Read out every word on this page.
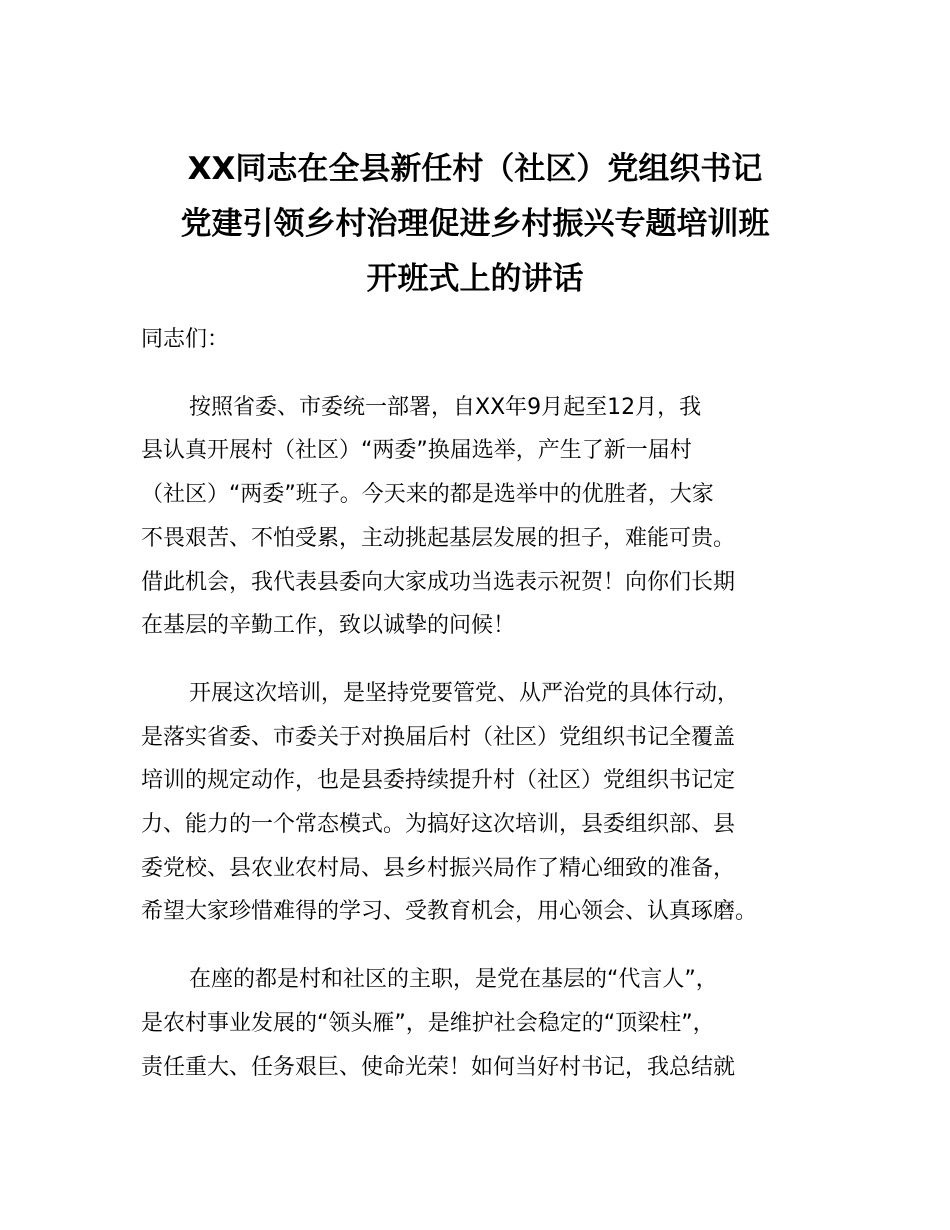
XX同志在全县新任村（社区）党组织书记
党建引领乡村治理促进乡村振兴专题培训班
开班式上的讲话
同志们：
按照省委、市委统一部署，自XX年9月起至12月，我
县认真开展村（社区）“两委”换届选举，产生了新一届村
（社区）“两委”班子。今天来的都是选举中的优胜者，大家
不畏艰苦、不怕受累，主动挑起基层发展的担子，难能可贵。
借此机会，我代表县委向大家成功当选表示祝贺！向你们长期
在基层的辛勤工作，致以诚挚的问候！
开展这次培训，是坚持党要管党、从严治党的具体行动，
是落实省委、市委关于对换届后村（社区）党组织书记全覆盖
培训的规定动作，也是县委持续提升村（社区）党组织书记定
力、能力的一个常态模式。为搞好这次培训，县委组织部、县
委党校、县农业农村局、县乡村振兴局作了精心细致的准备，
希望大家珍惜难得的学习、受教育机会，用心领会、认真琢磨。
在座的都是村和社区的主职，是党在基层的“代言人”，
是农村事业发展的“领头雁”，是维护社会稳定的“顶梁柱”，
责任重大、任务艰巨、使命光荣！如何当好村书记，我总结就
